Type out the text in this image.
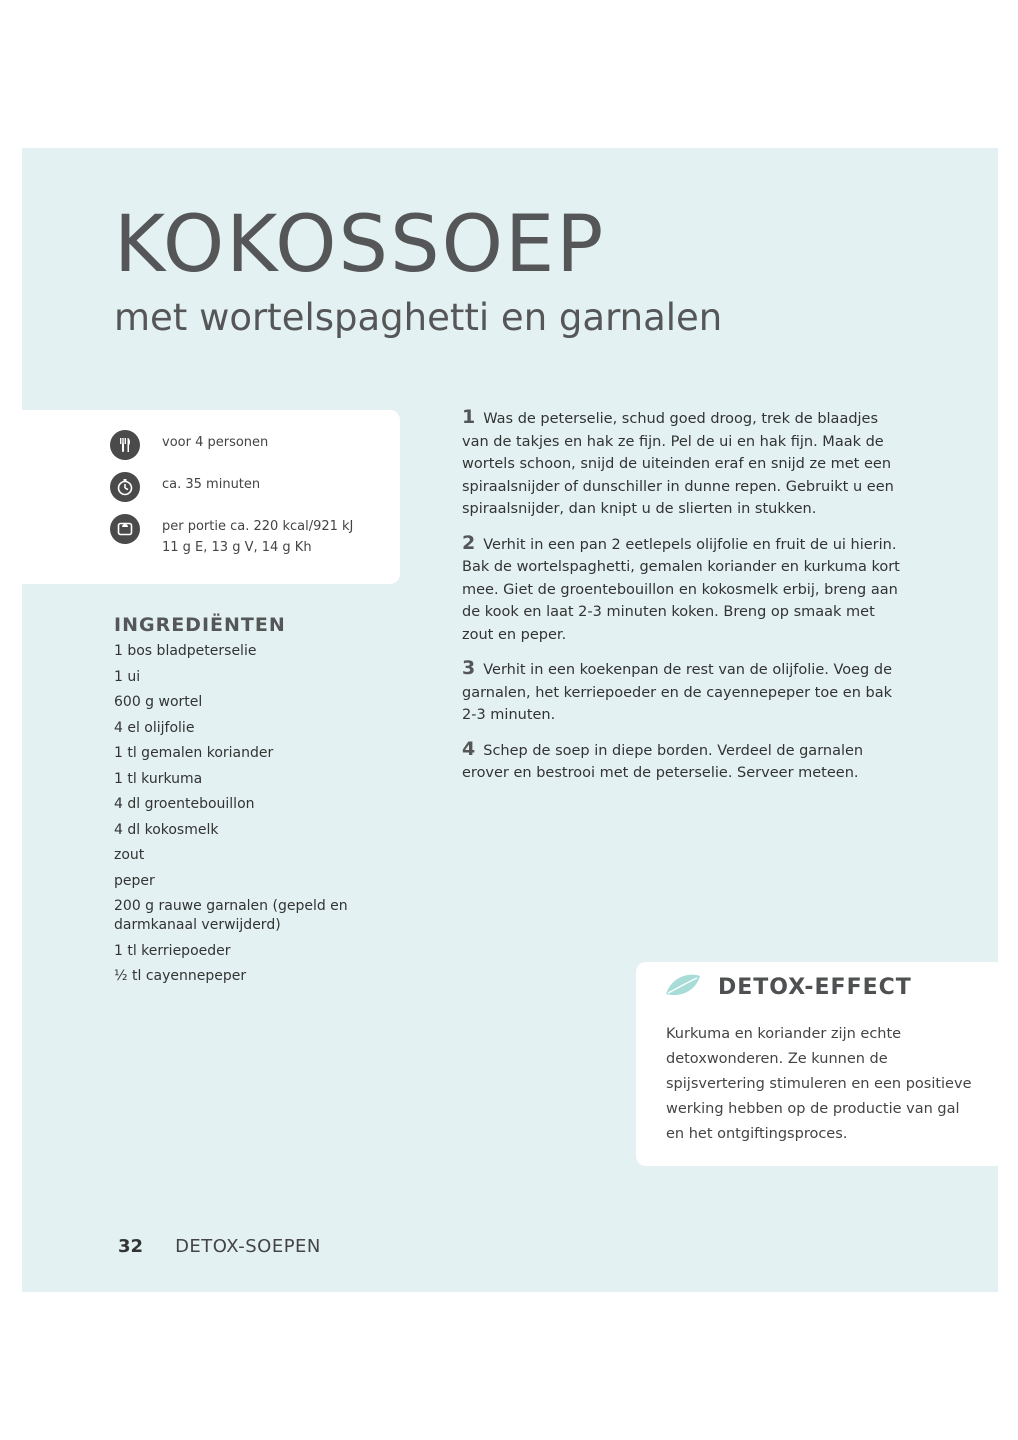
KOKOSSOEP
met wortelspaghetti en garnalen
voor 4 personen
ca. 35 minuten
per portie ca. 220 kcal/921 kJ
11 g E, 13 g V, 14 g Kh
INGREDIËNTEN
1 bos bladpeterselie
1 ui
600 g wortel
4 el olijfolie
1 tl gemalen koriander
1 tl kurkuma
4 dl groentebouillon
4 dl kokosmelk
zout
peper
200 g rauwe garnalen (gepeld en darmkanaal verwijderd)
1 tl kerriepoeder
½ tl cayennepeper

1 Was de peterselie, schud goed droog, trek de blaadjes van de takjes en hak ze fijn. Pel de ui en hak fijn. Maak de wortels schoon, snijd de uiteinden eraf en snijd ze met een spiraalsnijder of dunschiller in dunne repen. Gebruikt u een spiraalsnijder, dan knipt u de slierten in stukken.

2 Verhit in een pan 2 eetlepels olijfolie en fruit de ui hierin. Bak de wortelspaghetti, gemalen koriander en kurkuma kort mee. Giet de groentebouillon en kokosmelk erbij, breng aan de kook en laat 2-3 minuten koken. Breng op smaak met zout en peper.

3 Verhit in een koekenpan de rest van de olijfolie. Voeg de garnalen, het kerriepoeder en de cayennepeper toe en bak 2-3 minuten.

4 Schep de soep in diepe borden. Verdeel de garnalen erover en bestrooi met de peterselie. Serveer meteen.

DETOX-EFFECT

Kurkuma en koriander zijn echte detoxwonderen. Ze kunnen de spijsvertering stimuleren en een positieve werking hebben op de productie van gal en het ontgiftingsproces.

32 DETOX-SOEPEN
